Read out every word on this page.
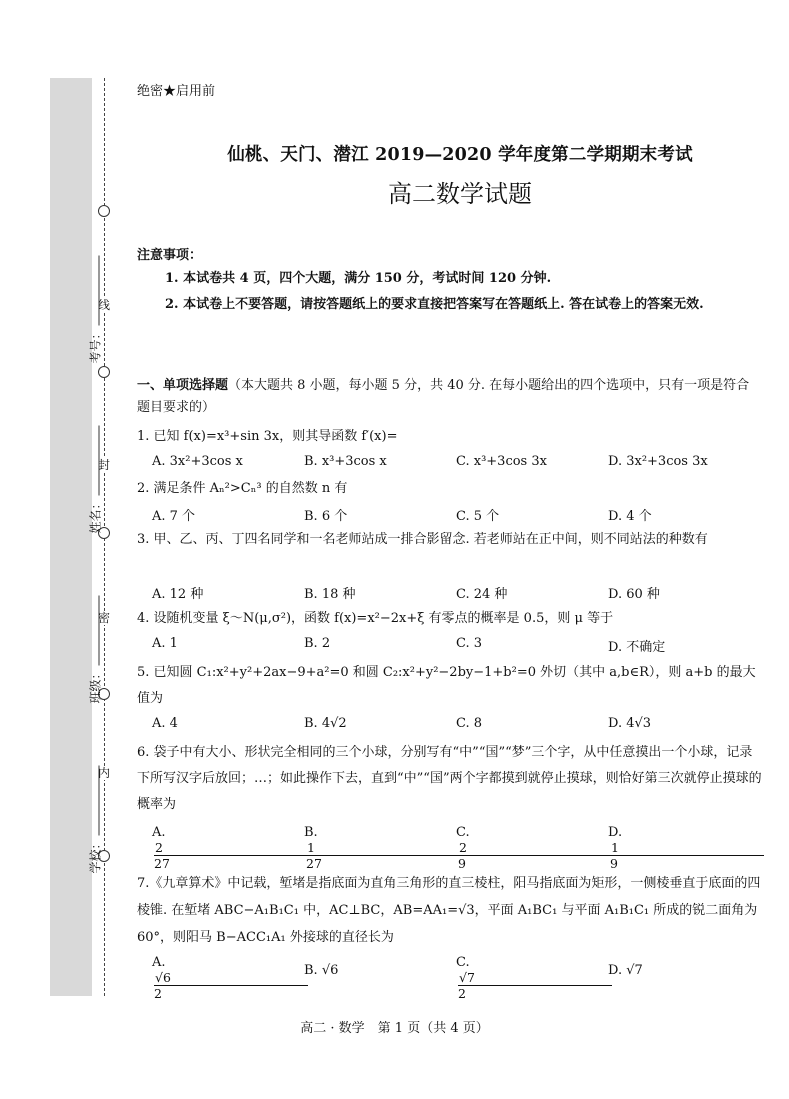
线
封
密
内
考号：
姓名：
班级：
学校：
绝密★启用前
仙桃、天门、潜江 2019—2020 学年度第二学期期末考试
高二数学试题
注意事项：
1. 本试卷共 4 页，四个大题，满分 150 分，考试时间 120 分钟.
2. 本试卷上不要答题，请按答题纸上的要求直接把答案写在答题纸上. 答在试卷上的答案无效.
一、单项选择题（本大题共 8 小题，每小题 5 分，共 40 分. 在每小题给出的四个选项中，只有一项是符合题目要求的）
1. 已知 f(x)=x³+sin 3x，则其导函数 f′(x)=
A. 3x²+3cos x	B. x³+3cos x	C. x³+3cos 3x	D. 3x²+3cos 3x
2. 满足条件 Aₙ²>Cₙ³ 的自然数 n 有
A. 7 个	B. 6 个	C. 5 个	D. 4 个
3. 甲、乙、丙、丁四名同学和一名老师站成一排合影留念. 若老师站在正中间，则不同站法的种数有
A. 12 种	B. 18 种	C. 24 种	D. 60 种
4. 设随机变量 ξ～N(μ,σ²)，函数 f(x)=x²−2x+ξ 有零点的概率是 0.5，则 μ 等于
A. 1	B. 2	C. 3	D. 不确定
5. 已知圆 C₁:x²+y²+2ax−9+a²=0 和圆 C₂:x²+y²−2by−1+b²=0 外切（其中 a,b∈R），则 a+b 的最大值为
A. 4	B. 4√2	C. 8	D. 4√3
6. 袋子中有大小、形状完全相同的三个小球，分别写有“中”“国”“梦”三个字，从中任意摸出一个小球，记录下所写汉字后放回；…；如此操作下去，直到“中”“国”两个字都摸到就停止摸球，则恰好第三次就停止摸球的概率为
A. $\frac{2}{27}$
B. $\frac{1}{27}$
C. $\frac{2}{9}$
D. $\frac{1}{9}$
7.《九章算术》中记载，堑堵是指底面为直角三角形的直三棱柱，阳马指底面为矩形，一侧棱垂直于底面的四棱锥. 在堑堵 ABC−A₁B₁C₁ 中，AC⊥BC，AB=AA₁=√3，平面 A₁BC₁ 与平面 A₁B₁C₁ 所成的锐二面角为 60°，则阳马 B−ACC₁A₁ 外接球的直径长为
A. $\frac{√6}{2}$
B. √6
C. $\frac{√7}{2}$
D. √7
高二 · 数学　第 1 页（共 4 页）
